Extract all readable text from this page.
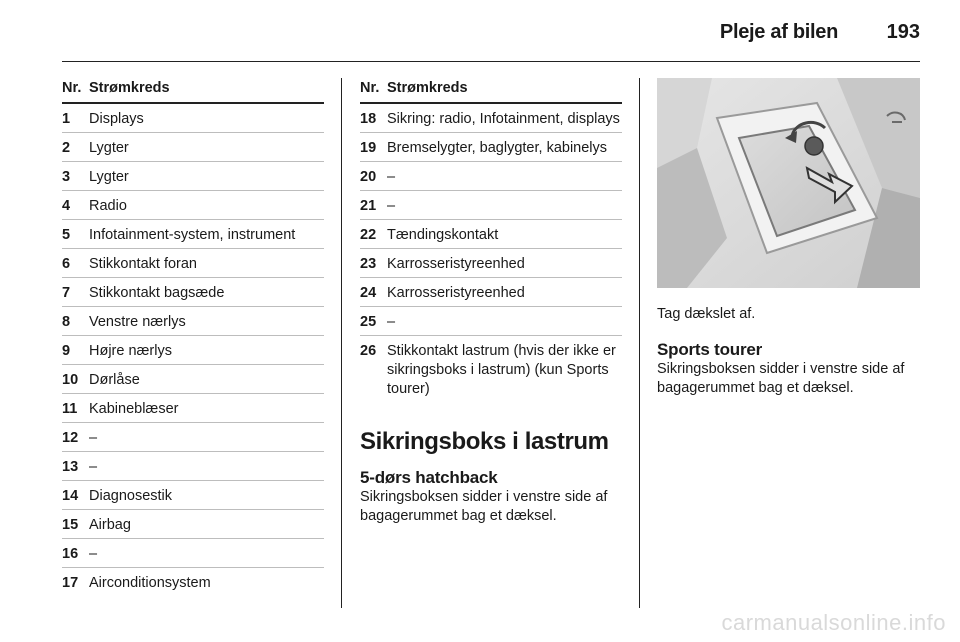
Pleje af bilen 193
Nr. Strømkreds
1	Displays
2	Lygter
3	Lygter
4	Radio
5	Infotainment-system, instrument
6	Stikkontakt foran
7	Stikkontakt bagsæde
8	Venstre nærlys
9	Højre nærlys
10 Dørlåse
11 Kabineblæser
12 –
13 –
14 Diagnosestik
15 Airbag
16 –
17 Airconditionsystem
Nr. Strømkreds
18 Sikring: radio, Infotainment, displays
19 Bremselygter, baglygter, kabinelys
20 –
21 –
22 Tændingskontakt
23 Karrosseristyreenhed
24 Karrosseristyreenhed
25 –
26 Stikkontakt lastrum (hvis der ikke er sikringsboks i lastrum) (kun Sports tourer)
Sikringsboks i lastrum
5-dørs hatchback

Sikringsboksen sidder i venstre side af bagagerummet bag et dæksel.

Tag dækslet af.

Sports tourer

Sikringsboksen sidder i venstre side af bagagerummet bag et dæksel.

carmanualsonline.info
